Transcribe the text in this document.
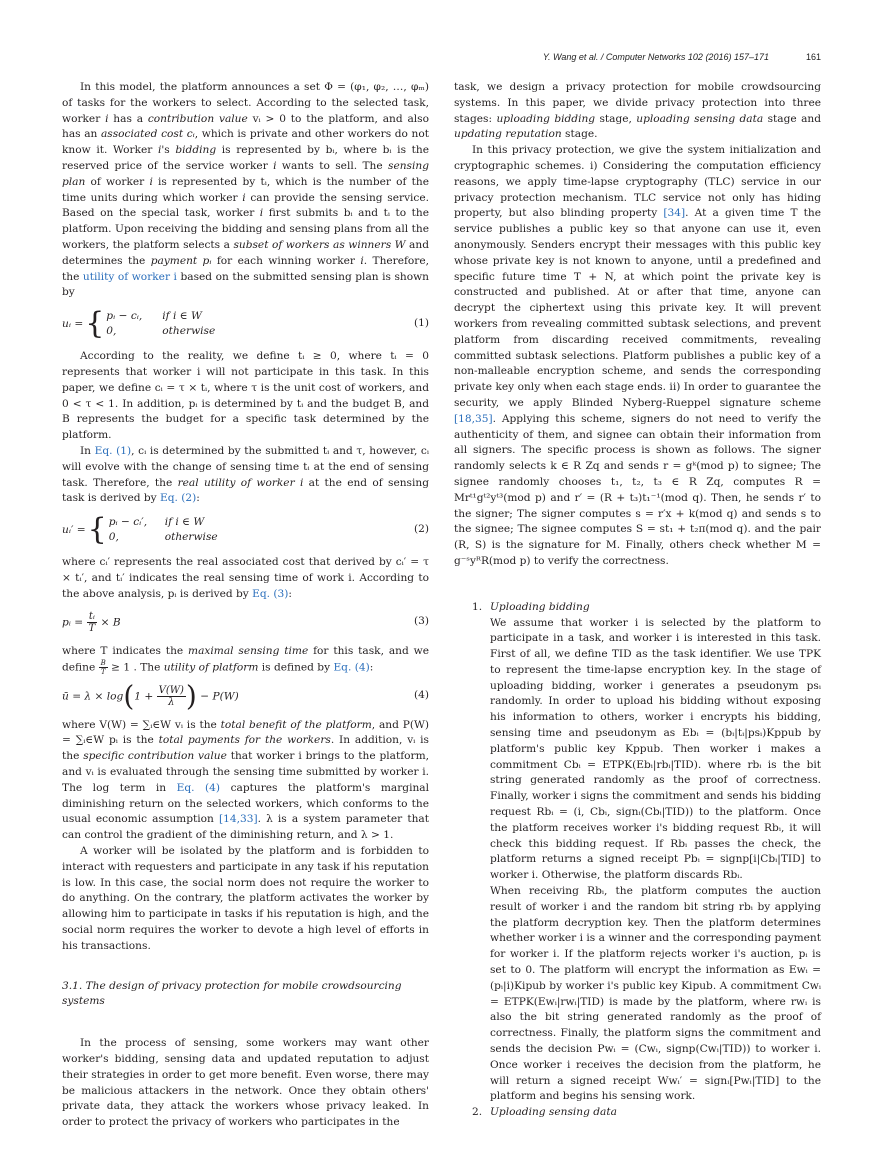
Y. Wang et al. / Computer Networks 102 (2016) 157–171	161

In this model, the platform announces a set Φ = (φ₁, φ₂, …, φₘ) of tasks for the workers to select. According to the selected task, worker i has a contribution value vᵢ > 0 to the platform, and also has an associated cost cᵢ, which is private and other workers do not know it. Worker i's bidding is represented by bᵢ, where bᵢ is the reserved price of the service worker i wants to sell. The sensing plan of worker i is represented by tᵢ, which is the number of the time units during which worker i can provide the sensing service. Based on the special task, worker i first submits bᵢ and tᵢ to the platform. Upon receiving the bidding and sensing plans from all the workers, the platform selects a subset of workers as winners W and determines the payment pᵢ for each winning worker i. Therefore, the utility of worker i based on the submitted sensing plan is shown by

uᵢ ={ pᵢ − cᵢ, if i ∈ W
0,	otherwise
(1)

According to the reality, we define tᵢ ≥ 0, where tᵢ = 0 represents that worker i will not participate in this task. In this paper, we define cᵢ = τ × tᵢ, where τ is the unit cost of workers, and 0 < τ < 1. In addition, pᵢ is determined by tᵢ and the budget B, and B represents the budget for a specific task determined by the platform.

In Eq. (1), cᵢ is determined by the submitted tᵢ and τ, however, cᵢ will evolve with the change of sensing time tᵢ at the end of sensing task. Therefore, the real utility of worker i at the end of sensing task is derived by Eq. (2):

uᵢ′ ={ pᵢ − cᵢ′, if i ∈ W
0,	otherwise
(2)

where cᵢ′ represents the real associated cost that derived by cᵢ′ = τ × tᵢ′, and tᵢ′ indicates the real sensing time of work i. According to the above analysis, pᵢ is derived by Eq. (3):

pᵢ = $\frac{\text{tᵢ}}{T} \times B$	(3)

where T indicates the maximal sensing time for this task, and we define $\frac{B}{T} \ge 1$ . The utility of platform is defined by Eq. (4):

ū = $\lambda \times \log(1 + \frac{V(W)}{\lambda}$ ) − P(W)	(4)

where V(W) = ∑ᵢ∈W vᵢ is the total benefit of the platform, and P(W) = ∑ᵢ∈W pᵢ is the total payments for the workers. In addition, vᵢ is the specific contribution value that worker i brings to the platform, and vᵢ is evaluated through the sensing time submitted by worker i. The log term in Eq. (4) captures the platform's marginal diminishing return on the selected workers, which conforms to the usual economic assumption [14,33]. λ is a system parameter that can control the gradient of the diminishing return, and λ > 1.

A worker will be isolated by the platform and is forbidden to interact with requesters and participate in any task if his reputation is low. In this case, the social norm does not require the worker to do anything. On the contrary, the platform activates the worker by allowing him to participate in tasks if his reputation is high, and the social norm requires the worker to devote a high level of efforts in his transactions.

3.1. The design of privacy protection for mobile crowdsourcing systems

In the process of sensing, some workers may want other worker's bidding, sensing data and updated reputation to adjust their strategies in order to get more benefit. Even worse, there may be malicious attackers in the network. Once they obtain others' private data, they attack the workers whose privacy leaked. In order to protect the privacy of workers who participates in the

task, we design a privacy protection for mobile crowdsourcing systems. In this paper, we divide privacy protection into three stages: uploading bidding stage, uploading sensing data stage and updating reputation stage.

In this privacy protection, we give the system initialization and cryptographic schemes. i) Considering the computation efficiency reasons, we apply time-lapse cryptography (TLC) service in our privacy protection mechanism. TLC service not only has hiding property, but also blinding property [34]. At a given time T the service publishes a public key so that anyone can use it, even anonymously. Senders encrypt their messages with this public key whose private key is not known to anyone, until a predefined and specific future time T + N, at which point the private key is constructed and published. At or after that time, anyone can decrypt the ciphertext using this private key. It will prevent workers from revealing committed subtask selections, and prevent platform from discarding received commitments, revealing committed subtask selections. Platform publishes a public key of a non-malleable encryption scheme, and sends the corresponding private key only when each stage ends. ii) In order to guarantee the security, we apply Blinded Nyberg-Rueppel signature scheme [18,35]. Applying this scheme, signers do not need to verify the authenticity of them, and signee can obtain their information from all signers. The specific process is shown as follows. The signer randomly selects k ∈ R Zq and sends r = gᵏ(mod p) to signee; The signee randomly chooses t₁, t₂, t₃ ∈ R Zq, computes R = Mrᵗ¹gᵗ²yᵗ³(mod p) and r′ = (R + t₃)t₁⁻¹(mod q). Then, he sends r′ to the signer; The signer computes s = r′x + k(mod q) and sends s to the signee; The signee computes S = st₁ + t₂π(mod q). and the pair (R, S) is the signature for M. Finally, others check whether M = g⁻ˢyᴿR(mod p) to verify the correctness.

1. Uploading bidding

We assume that worker i is selected by the platform to participate in a task, and worker i is interested in this task. First of all, we define TID as the task identifier. We use TPK to represent the time-lapse encryption key. In the stage of uploading bidding, worker i generates a pseudonym psᵢ randomly. In order to upload his bidding without exposing his information to others, worker i encrypts his bidding, sensing time and pseudonym as Ebᵢ = (bᵢ|tᵢ|psᵢ)Kppub by platform's public key Kppub. Then worker i makes a commitment Cbᵢ = ETPK(Ebᵢ|rbᵢ|TID). where rbᵢ is the bit string generated randomly as the proof of correctness. Finally, worker i signs the commitment and sends his bidding request Rbᵢ = (i, Cbᵢ, signᵢ(Cbᵢ|TID)) to the platform. Once the platform receives worker i's bidding request Rbᵢ, it will check this bidding request. If Rbᵢ passes the check, the platform returns a signed receipt Pbᵢ = signp[i|Cbᵢ|TID] to worker i. Otherwise, the platform discards Rbᵢ.

When receiving Rbᵢ, the platform computes the auction result of worker i and the random bit string rbᵢ by applying the platform decryption key. Then the platform determines whether worker i is a winner and the corresponding payment for worker i. If the platform rejects worker i's auction, pᵢ is set to 0. The platform will encrypt the information as Ewᵢ = (pᵢ|i)Kipub by worker i's public key Kipub. A commitment Cwᵢ = ETPK(Ewᵢ|rwᵢ|TID) is made by the platform, where rwᵢ is also the bit string generated randomly as the proof of correctness. Finally, the platform signs the commitment and sends the decision Pwᵢ = (Cwᵢ, signp(Cwᵢ|TID)) to worker i. Once worker i receives the decision from the platform, he will return a signed receipt Wwᵢ′ = signᵢ[Pwᵢ|TID] to the platform and begins his sensing work.

2. Uploading sensing data
